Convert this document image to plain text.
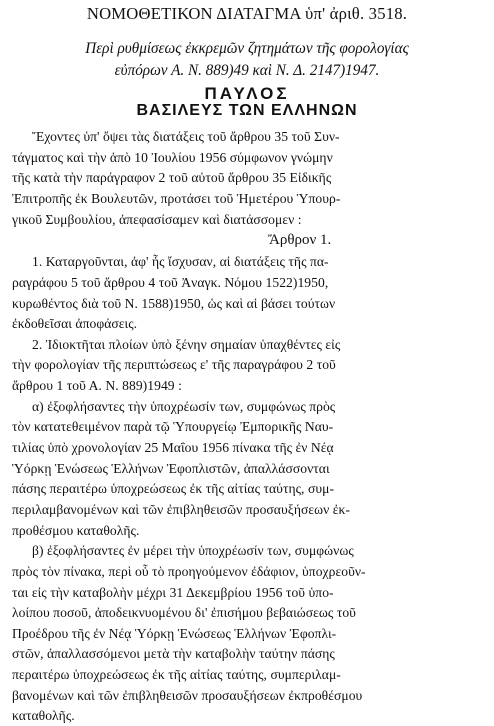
ΝΟΜΟΘΕΤΙΚΟΝ ΔΙΑΤΑΓΜΑ ὑπ' ἀριθ. 3518.
Περὶ ρυθμίσεως ἐκκρεμῶν ζητημάτων τῆς φορολογίας
εὐπόρων Α. Ν. 889)49 καὶ Ν. Δ. 2147)1947.
ΠΑΥΛΟΣ
ΒΑΣΙΛΕΥΣ ΤΩΝ ΕΛΛΗΝΩΝ
Ἔχοντες ὑπ' ὄψει τὰς διατάξεις τοῦ ἄρθρου 35 τοῦ Συν-
τάγματος καὶ τὴν ἀπὸ 10 Ἰουλίου 1956 σύμφωνον γνώμην
τῆς κατὰ τὴν παράγραφον 2 τοῦ αὐτοῦ ἄρθρου 35 Εἰδικῆς
Ἐπιτροπῆς ἐκ Βουλευτῶν, προτάσει τοῦ Ἡμετέρου Ὑπουρ-
γικοῦ Συμβουλίου, ἀπεφασίσαμεν καὶ διατάσσομεν :
Ἄρθρον 1.
1. Καταργοῦνται, ἀφ' ἧς ἴσχυσαν, αἱ διατάξεις τῆς πα-
ραγράφου 5 τοῦ ἄρθρου 4 τοῦ Ἀναγκ. Νόμου 1522)1950,
κυρωθέντος διὰ τοῦ Ν. 1588)1950, ὡς καὶ αἱ βάσει τούτων
ἐκδοθεῖσαι ἀποφάσεις.
2. Ἰδιοκτῆται πλοίων ὑπὸ ξένην σημαίαν ὑπαχθέντες εἰς
τὴν φορολογίαν τῆς περιπτώσεως ε' τῆς παραγράφου 2 τοῦ
ἄρθρου 1 τοῦ Α. Ν. 889)1949 :
α) ἐξοφλήσαντες τὴν ὑποχρέωσίν των, συμφώνως πρὸς
τὸν κατατεθειμένον παρὰ τῷ Ὑπουργείῳ Ἐμπορικῆς Ναυ-
τιλίας ὑπὸ χρονολογίαν 25 Μαΐου 1956 πίνακα τῆς ἐν Νέᾳ
Ὑόρκῃ Ἑνώσεως Ἑλλήνων Ἐφοπλιστῶν, ἀπαλλάσσονται
πάσης περαιτέρω ὑποχρεώσεως ἐκ τῆς αἰτίας ταύτης, συμ-
περιλαμβανομένων καὶ τῶν ἐπιβληθεισῶν προσαυξήσεων ἐκ-
προθέσμου καταθολῆς.
β) ἐξοφλήσαντες ἐν μέρει τὴν ὑποχρέωσίν των, συμφώνως
πρὸς τὸν πίνακα, περὶ οὗ τὸ προηγούμενον ἐδάφιον, ὑποχρεοῦν-
ται εἰς τὴν καταβολὴν μέχρι 31 Δεκεμβρίου 1956 τοῦ ὑπο-
λοίπου ποσοῦ, ἀποδεικνυομένου δι' ἐπισήμου βεβαιώσεως τοῦ
Προέδρου τῆς ἐν Νέᾳ Ὑόρκῃ Ἑνώσεως Ἑλλήνων Ἐφοπλι-
στῶν, ἀπαλλασσόμενοι μετὰ τὴν καταβολὴν ταύτην πάσης
περαιτέρω ὑποχρεώσεως ἐκ τῆς αἰτίας ταύτης, συμπεριλαμ-
βανομένων καὶ τῶν ἐπιβληθεισῶν προσαυξήσεων ἐκπροθέσμου
καταθολῆς.
